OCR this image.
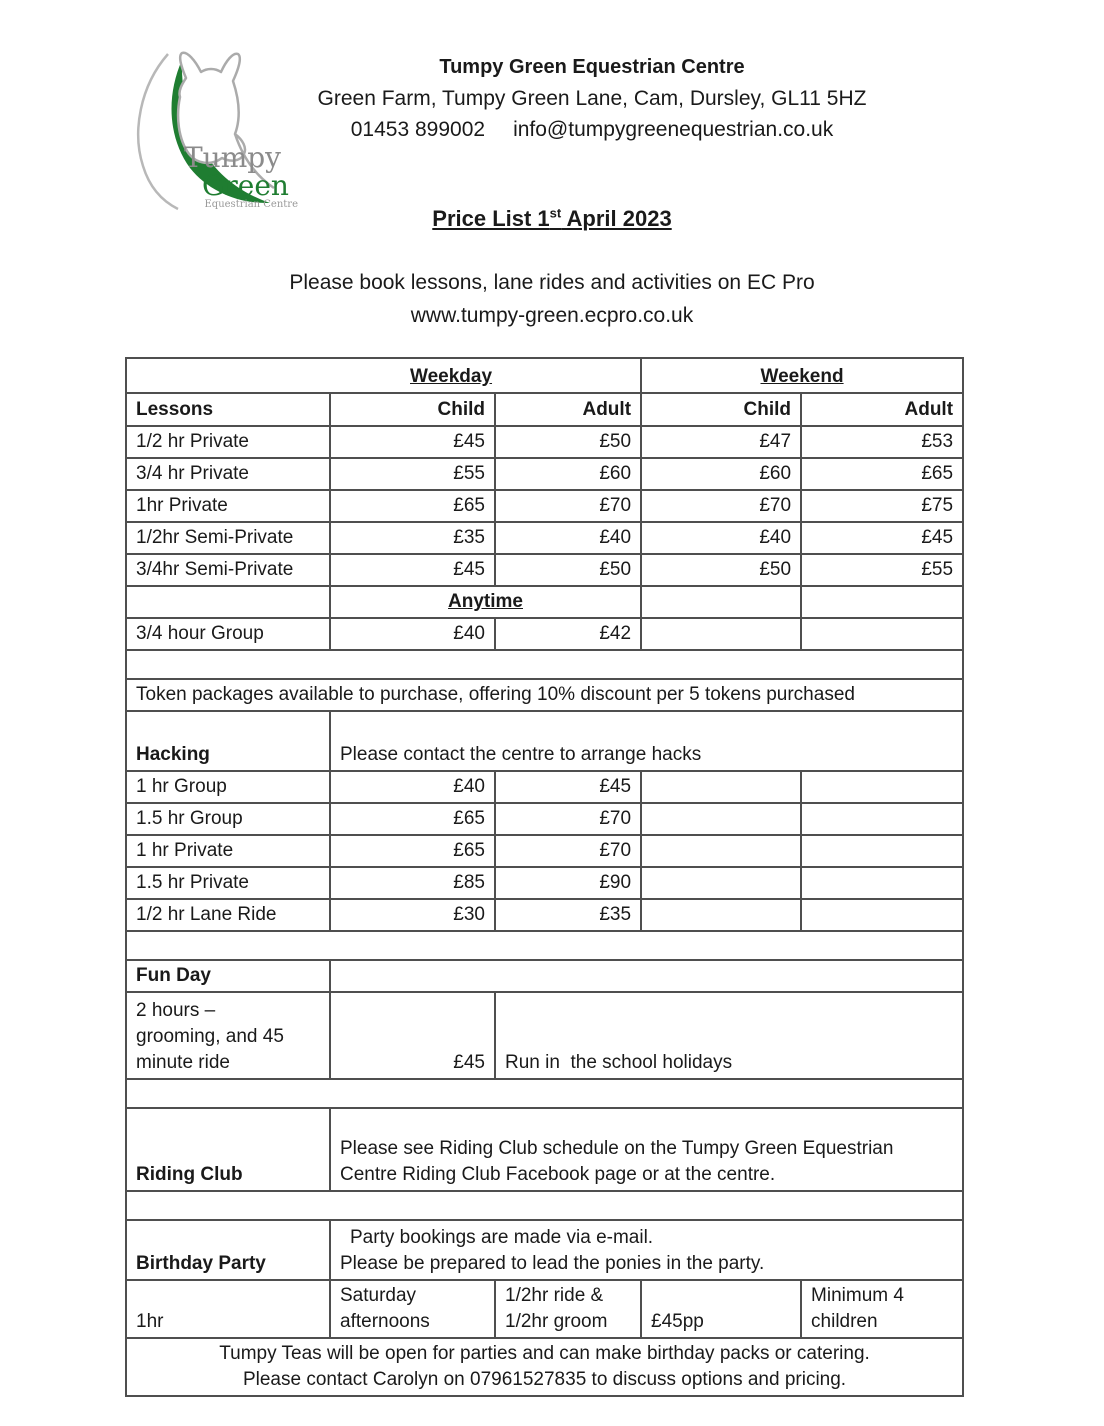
Tumpy
Green
Equestrian Centre
Tumpy Green Equestrian Centre
Green Farm, Tumpy Green Lane, Cam, Dursley, GL11 5HZ
01453 899002 info@tumpygreenequestrian.co.uk
Price List 1st April 2023
Please book lessons, lane rides and activities on EC Pro
www.tumpy-green.ecpro.co.uk
Weekday			Weekend	
Lessons	Child	Adult	Child	Adult
1/2 hr Private	£45	£50	£47	£53
3/4 hr Private	£55	£60	£60	£65
1hr Private	£65	£70	£70	£75
1/2hr Semi-Private	£35	£40	£40	£45
3/4hr Semi-Private	£45	£50	£50	£55
	Anytime			
3/4 hour Group	£40	£42		

Token packages available to purchase, offering 10% discount per 5 tokens purchased				
Hacking	Please contact the centre to arrange hacks			
1 hr Group	£40	£45		
1.5 hr Group	£65	£70		
1 hr Private	£65	£70		
1.5 hr Private	£85	£90		
1/2 hr Lane Ride	£30	£35		

Fun Day				

2 hours –
grooming, and 45
minute ride	£45	Run in  the school holidays		

Riding Club	Please see Riding Club schedule on the Tumpy Green Equestrian
Centre Riding Club Facebook page or at the centre.			

Birthday Party	Party bookings are made via e-mail.
Please be prepared to lead the ponies in the party.			

1hr	Saturday afternoons	1/2hr ride & 1/2hr groom	£45pp	Minimum 4 children

Tumpy Teas will be open for parties and can make birthday packs or catering.
Please contact Carolyn on 07961527835 to discuss options and pricing.				
